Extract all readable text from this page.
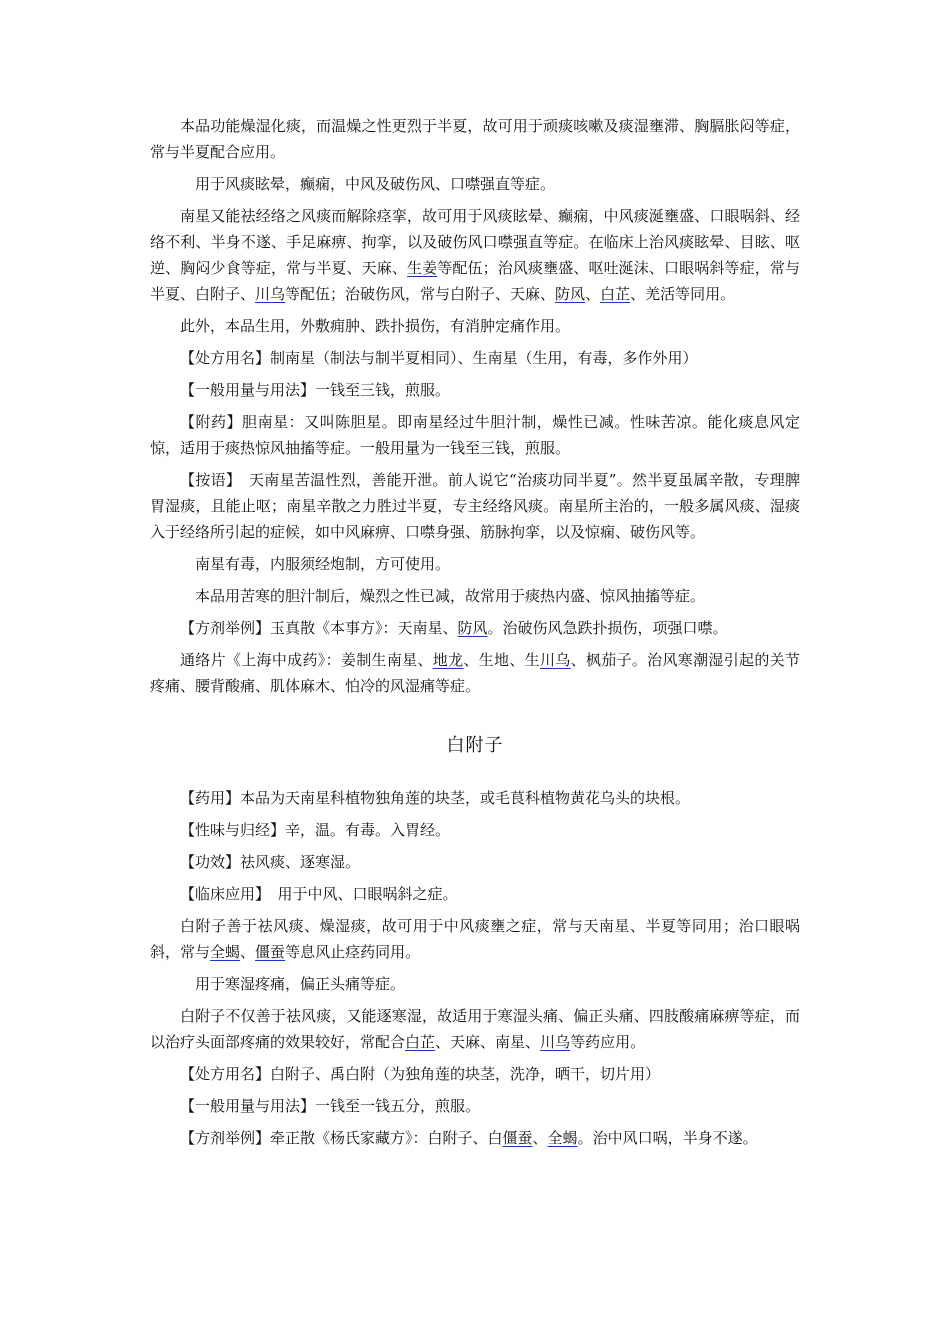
本品功能燥湿化痰，而温燥之性更烈于半夏，故可用于顽痰咳嗽及痰湿壅滞、胸膈胀闷等症，常与半夏配合应用。

用于风痰眩晕，癫痫，中风及破伤风、口噤强直等症。

南星又能祛经络之风痰而解除痉挛，故可用于风痰眩晕、癫痫，中风痰涎壅盛、口眼㖞斜、经络不利、半身不遂、手足麻痹、拘挛，以及破伤风口噤强直等症。在临床上治风痰眩晕、目眩、呕逆、胸闷少食等症，常与半夏、天麻、生姜等配伍；治风痰壅盛、呕吐涎沫、口眼㖞斜等症，常与半夏、白附子、川乌等配伍；治破伤风，常与白附子、天麻、防风、白芷、羌活等同用。

此外，本品生用，外敷痈肿、跌扑损伤，有消肿定痛作用。

【处方用名】制南星（制法与制半夏相同）、生南星（生用，有毒，多作外用）

【一般用量与用法】一钱至三钱，煎服。

【附药】胆南星：又叫陈胆星。即南星经过牛胆汁制，燥性已减。性味苦凉。能化痰息风定惊，适用于痰热惊风抽搐等症。一般用量为一钱至三钱，煎服。

【按语】　天南星苦温性烈，善能开泄。前人说它“治痰功同半夏”。然半夏虽属辛散，专理脾胃湿痰，且能止呕；南星辛散之力胜过半夏，专主经络风痰。南星所主治的，一般多属风痰、湿痰入于经络所引起的症候，如中风麻痹、口噤身强、筋脉拘挛，以及惊痫、破伤风等。

南星有毒，内服须经炮制，方可使用。

本品用苦寒的胆汁制后，燥烈之性已减，故常用于痰热内盛、惊风抽搐等症。

【方剂举例】玉真散《本事方》：天南星、防风。治破伤风急跌扑损伤，项强口噤。

通络片《上海中成药》：姜制生南星、地龙、生地、生川乌、枫茄子。治风寒潮湿引起的关节疼痛、腰背酸痛、肌体麻木、怕冷的风湿痛等症。

白附子

【药用】本品为天南星科植物独角莲的块茎，或毛茛科植物黄花乌头的块根。

【性味与归经】辛，温。有毒。入胃经。

【功效】祛风痰、逐寒湿。

【临床应用】　用于中风、口眼㖞斜之症。

白附子善于祛风痰、燥湿痰，故可用于中风痰壅之症，常与天南星、半夏等同用；治口眼㖞斜，常与全蝎、僵蚕等息风止痉药同用。

用于寒湿疼痛，偏正头痛等症。

白附子不仅善于祛风痰，又能逐寒湿，故适用于寒湿头痛、偏正头痛、四肢酸痛麻痹等症，而以治疗头面部疼痛的效果较好，常配合白芷、天麻、南星、川乌等药应用。

【处方用名】白附子、禹白附（为独角莲的块茎，洗净，晒干，切片用）

【一般用量与用法】一钱至一钱五分，煎服。

【方剂举例】牵正散《杨氏家藏方》：白附子、白僵蚕、全蝎。治中风口㖞，半身不遂。
